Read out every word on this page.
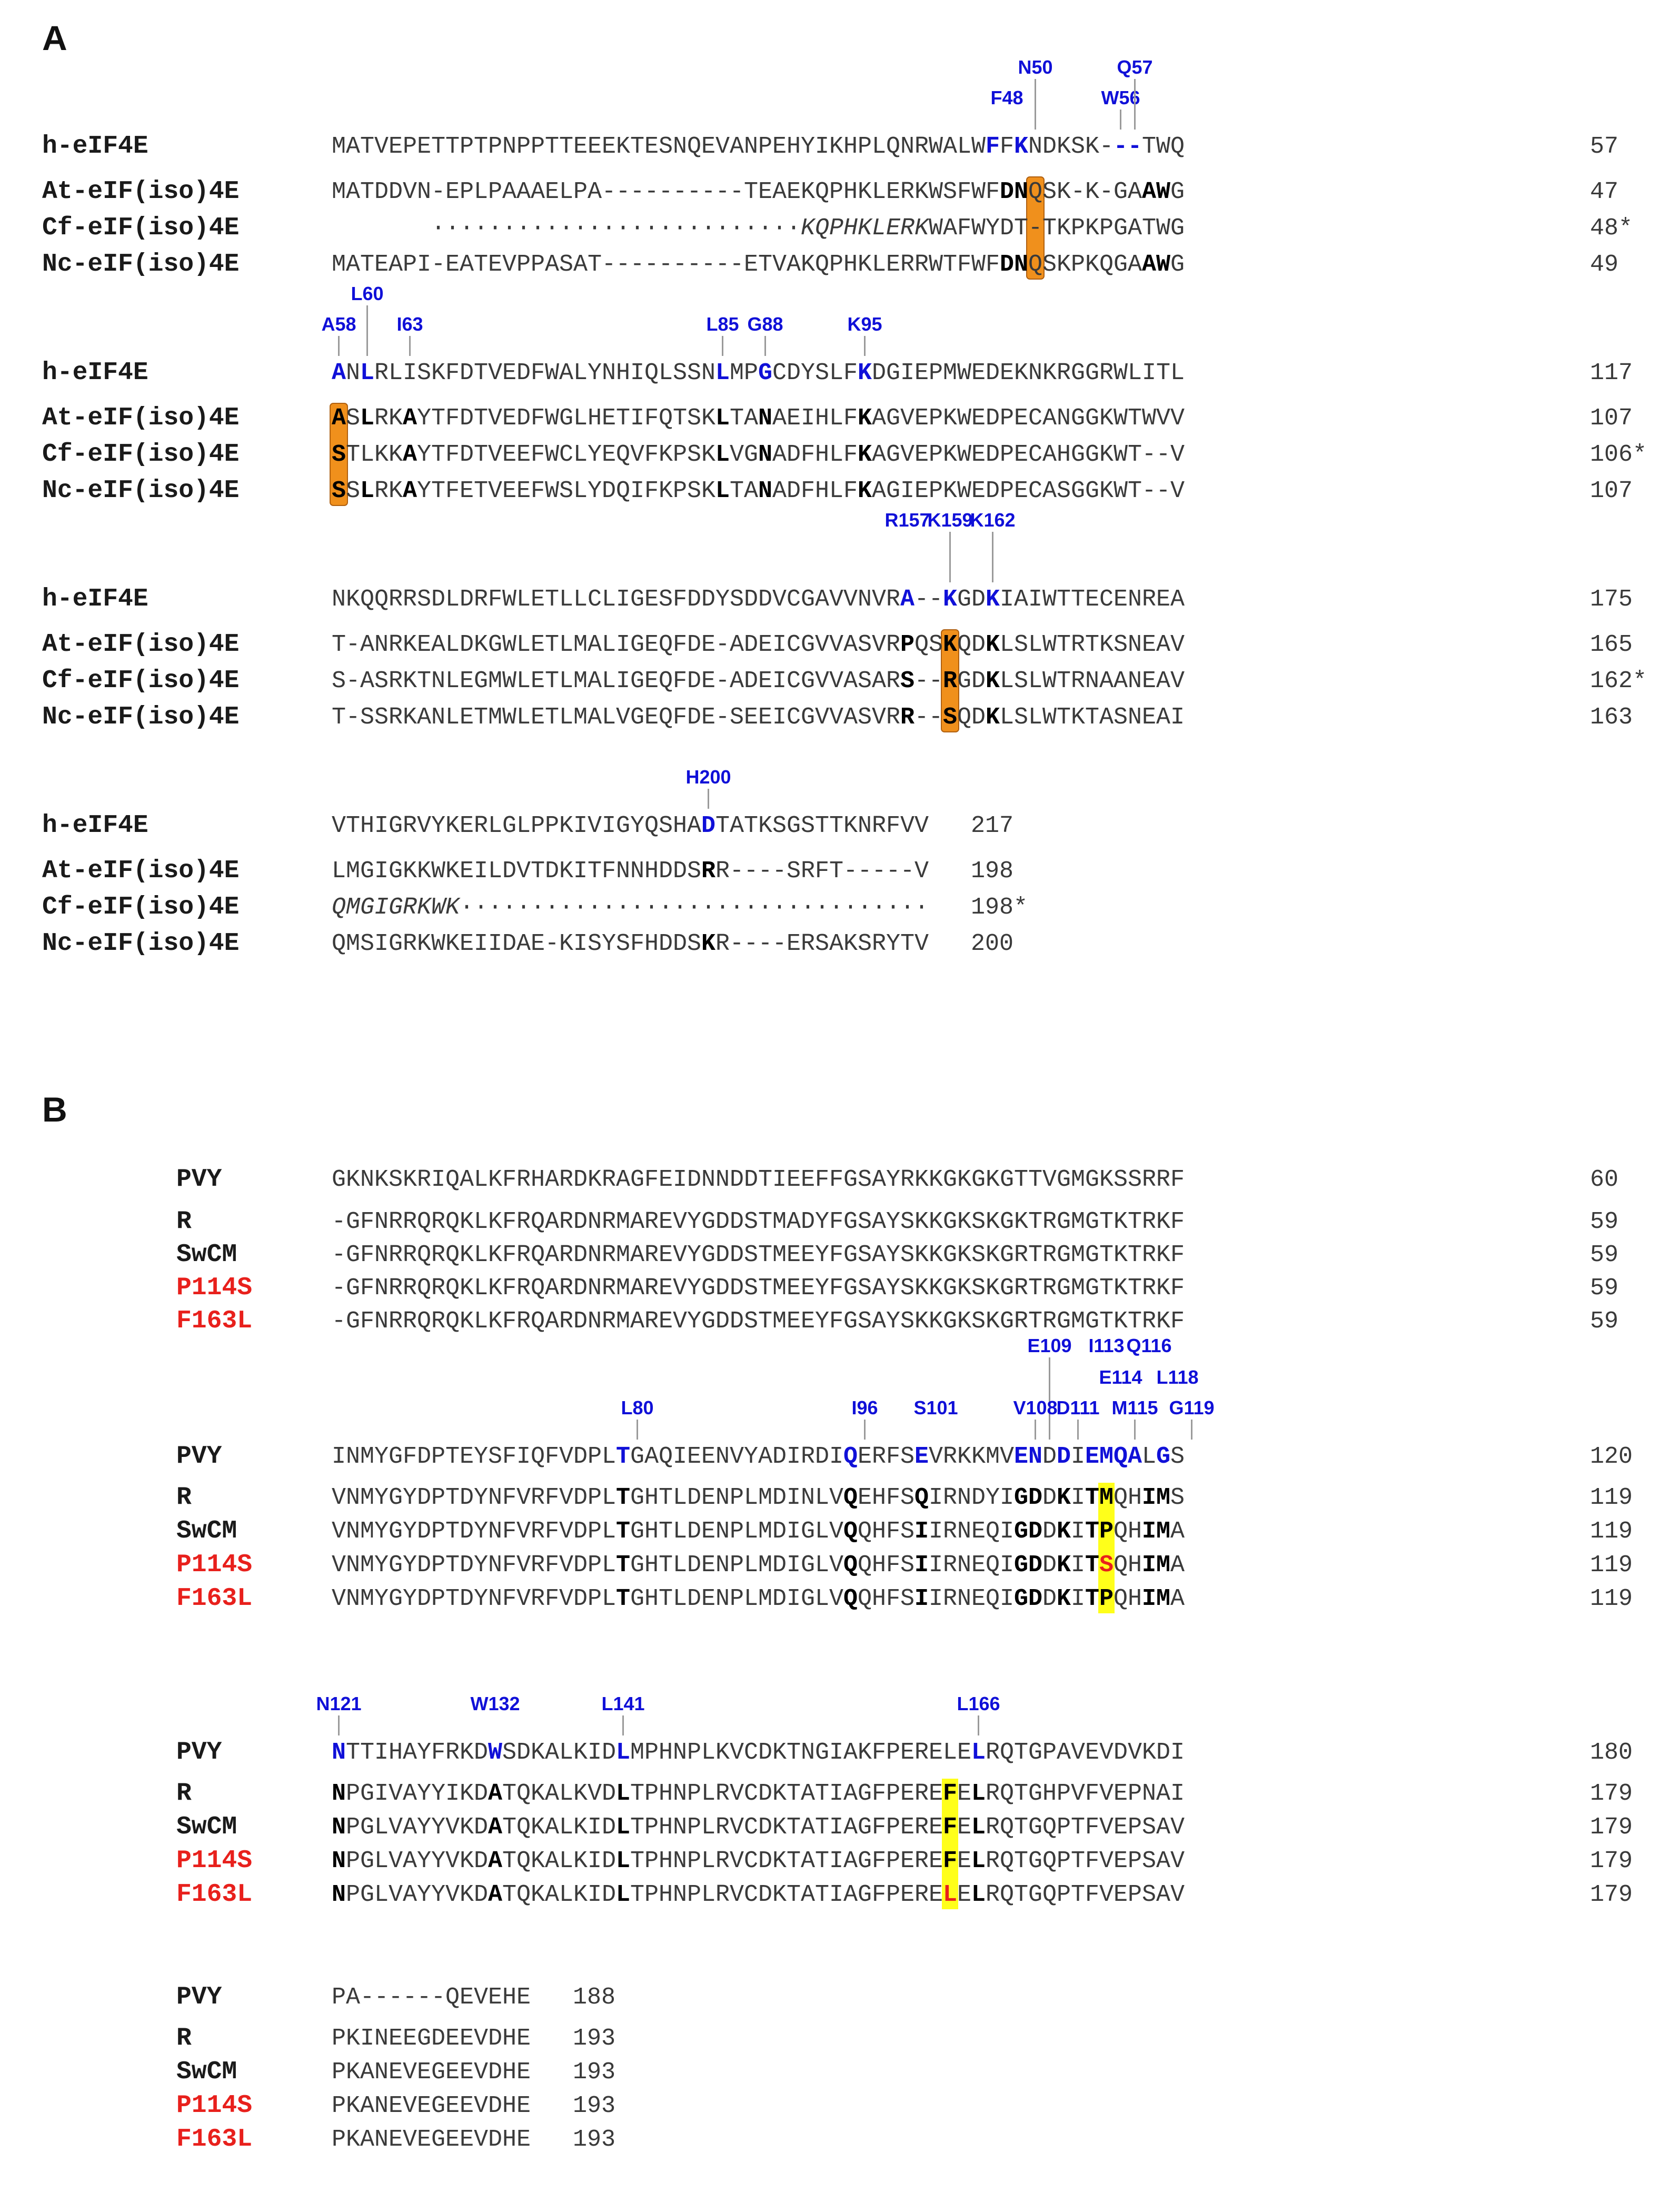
A
F48
N50
W56
Q57
h-eIF4E	MATVEPETTPTPNPPTTEEEKTESNQEVANPEHYIKHPLQNRWALWFFKNDKSK---TWQ	57
At-eIF(iso)4E	MATDDVN-EPLPAAAELPA----------TEAEKQPHKLERKWSFWFDNQSK-K-GAAWG	47
Cf-eIF(iso)4E	··························KQPHKLERKWAFWYDT-TKPKPGATWG	48*
Nc-eIF(iso)4E	MATEAPI-EATEVPPASAT----------ETVAKQPHKLERRWTFWFDNQSKPKQGAAWG	49
A58
L60
I63	L85 G88	K95
h-eIF4E	ANLRLISKFDTVEDFWALYNHIQLSSNLMPGCDYSLFKDGIEPMWEDEKNKRGGRWLITL	117
At-eIF(iso)4E	ASLRKAYTFDTVEDFWGLHETIFQTSKLTANAEIHLFKAGVEPKWEDPECANGGKWTWVV	107
Cf-eIF(iso)4E	STLKKAYTFDTVEEFWCLYEQVFKPSKLVGNADFHLFKAGVEPKWEDPECAHGGKWT--V	106*
Nc-eIF(iso)4E	SSLRKAYTFETVEEFWSLYDQIFKPSKLTANADFHLFKAGIEPKWEDPECASGGKWT--V	107
R157
K159
K162
h-eIF4E	NKQQRRSDLDRFWLETLLCLIGESFDDYSDDVCGAVVNVRA--KGDKIAIWTTECENREA	175
At-eIF(iso)4E	T-ANRKEALDKGWLETLMALIGEQFDE-ADEICGVVASVRPQSKQDKLSLWTRTKSNEAV	165
Cf-eIF(iso)4E	S-ASRKTNLEGMWLETLMALIGEQFDE-ADEICGVVASARS--RGDKLSLWTRNAANEAV	162*
Nc-eIF(iso)4E	T-SSRKANLETMWLETLMALVGEQFDE-SEEICGVVASVRR--SQDKLSLWTKTASNEAI	163
H200
h-eIF4E	VTHIGRVYKERLGLPPKIVIGYQSHADTATKSGSTTKNRFVV 217
At-eIF(iso)4E	LMGIGKKWKEILDVTDKITFNNHDDSRR----SRFT-----V 198
Cf-eIF(iso)4E	QMGIGRKWK································· 198*
Nc-eIF(iso)4E	QMSIGRKWKEIIDAE-KISYSFHDDSKR----ERSAKSRYTV 200
B
PVY	GKNKSKRIQALKFRHARDKRAGFEIDNNDDTIEEFFGSAYRKKGKGKGTTVGMGKSSRRF	60
R	-GFNRRQRQKLKFRQARDNRMAREVYGDDSTMADYFGSAYSKKGKSKGKTRGMGTKTRKF	59
SwCM	-GFNRRQRQKLKFRQARDNRMAREVYGDDSTMEEYFGSAYSKKGKSKGRTRGMGTKTRKF	59
P114S	-GFNRRQRQKLKFRQARDNRMAREVYGDDSTMEEYFGSAYSKKGKSKGRTRGMGTKTRKF	59
F163L	-GFNRRQRQKLKFRQARDNRMAREVYGDDSTMEEYFGSAYSKKGKSKGRTRGMGTKTRKF	59
E109 I113 Q116
E114 L118
L80	I96 S101	V108
D111 M115 G119
PVY	INMYGFDPTEYSFIQFVDPLTGAQIEENVYADIRDIQERFSEVRKKMVENDDIEMQALGS	120
R	VNMYGYDPTDYNFVRFVDPLTGHTLDENPLMDINLVQEHFSQIRNDYIGDDKITMQHIMS	119
SwCM	VNMYGYDPTDYNFVRFVDPLTGHTLDENPLMDIGLVQQHFSIIRNEQIGDDKITPQHIMA	119
P114S	VNMYGYDPTDYNFVRFVDPLTGHTLDENPLMDIGLVQQHFSIIRNEQIGDDKITSQHIMA	119
F163L	VNMYGYDPTDYNFVRFVDPLTGHTLDENPLMDIGLVQQHFSIIRNEQIGDDKITPQHIMA	119
N121	W132	L141	L166
PVY	NTTIHAYFRKDWSDKALKIDLMPHNPLKVCDKTNGIAKFPERELELRQTGPAVEVDVKDI	180
R	NPGIVAYYIKDATQKALKVDLTPHNPLRVCDKTATIAGFPEREFELRQTGHPVFVEPNAI	179
SwCM	NPGLVAYYVKDATQKALKIDLTPHNPLRVCDKTATIAGFPEREFELRQTGQPTFVEPSAV	179
P114S	NPGLVAYYVKDATQKALKIDLTPHNPLRVCDKTATIAGFPEREFELRQTGQPTFVEPSAV	179
F163L	NPGLVAYYVKDATQKALKIDLTPHNPLRVCDKTATIAGFPERELELRQTGQPTFVEPSAV	179
PVY	PA------QEVEHE 188
R	PKINEEGDEEVDHE 193
SwCM	PKANEVEGEEVDHE 193
P114S	PKANEVEGEEVDHE 193
F163L	PKANEVEGEEVDHE 193
